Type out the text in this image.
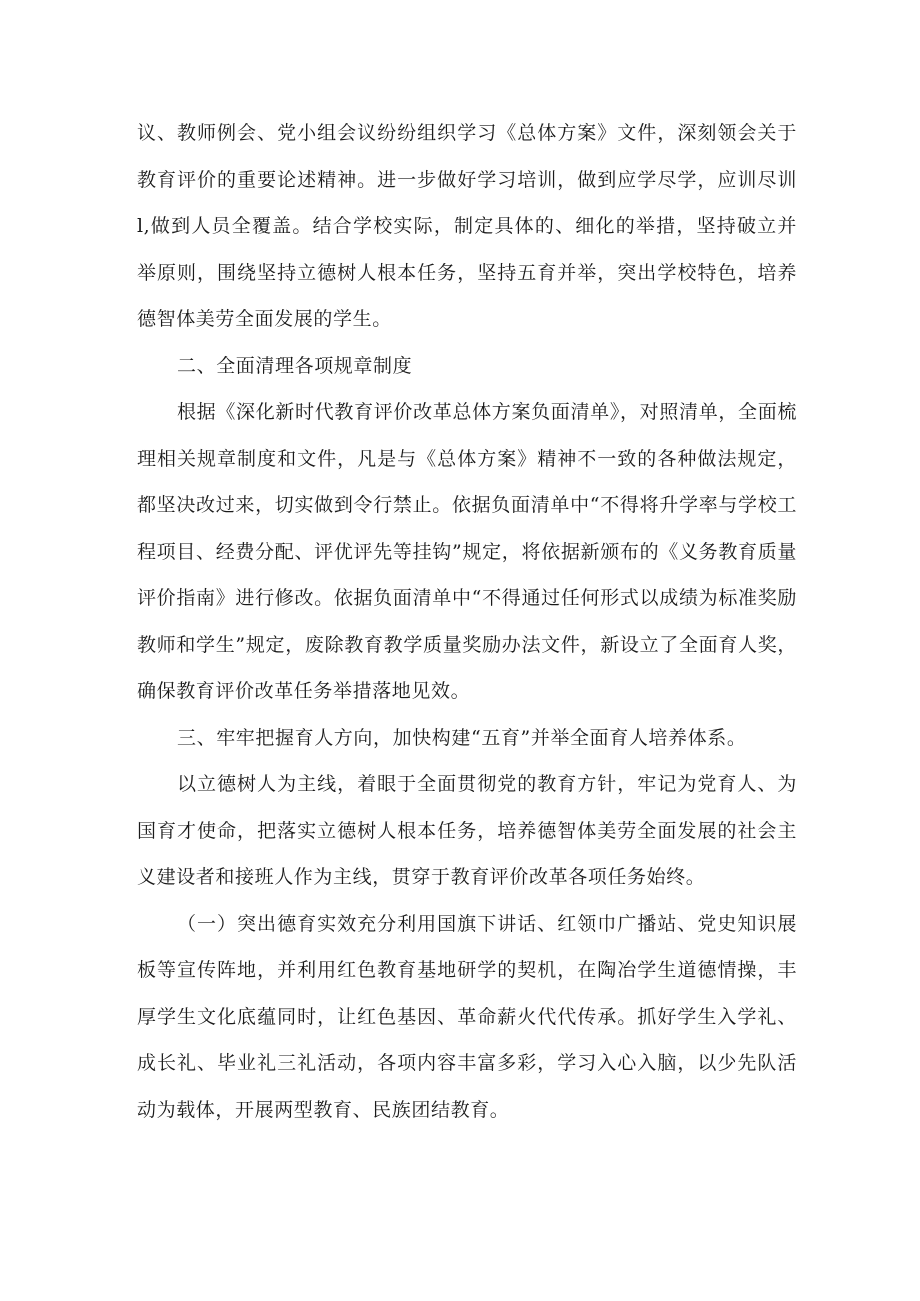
议、教师例会、党小组会议纷纷组织学习《总体方案》文件，深刻领会关于教育评价的重要论述精神。进一步做好学习培训，做到应学尽学，应训尽训l,做到人员全覆盖。结合学校实际，制定具体的、细化的举措，坚持破立并举原则，围绕坚持立德树人根本任务，坚持五育并举，突出学校特色，培养德智体美劳全面发展的学生。

二、全面清理各项规章制度

根据《深化新时代教育评价改革总体方案负面清单》，对照清单，全面梳理相关规章制度和文件，凡是与《总体方案》精神不一致的各种做法规定，都坚决改过来，切实做到令行禁止。依据负面清单中“不得将升学率与学校工程项目、经费分配、评优评先等挂钩”规定，将依据新颁布的《义务教育质量评价指南》进行修改。依据负面清单中“不得通过任何形式以成绩为标准奖励教师和学生”规定，废除教育教学质量奖励办法文件，新设立了全面育人奖，确保教育评价改革任务举措落地见效。

三、牢牢把握育人方向，加快构建“五育”并举全面育人培养体系。

以立德树人为主线，着眼于全面贯彻党的教育方针，牢记为党育人、为国育才使命，把落实立德树人根本任务，培养德智体美劳全面发展的社会主义建设者和接班人作为主线，贯穿于教育评价改革各项任务始终。

（一）突出德育实效充分利用国旗下讲话、红领巾广播站、党史知识展板等宣传阵地，并利用红色教育基地研学的契机，在陶冶学生道德情操，丰厚学生文化底蕴同时，让红色基因、革命薪火代代传承。抓好学生入学礼、成长礼、毕业礼三礼活动，各项内容丰富多彩，学习入心入脑，以少先队活动为载体，开展两型教育、民族团结教育。
